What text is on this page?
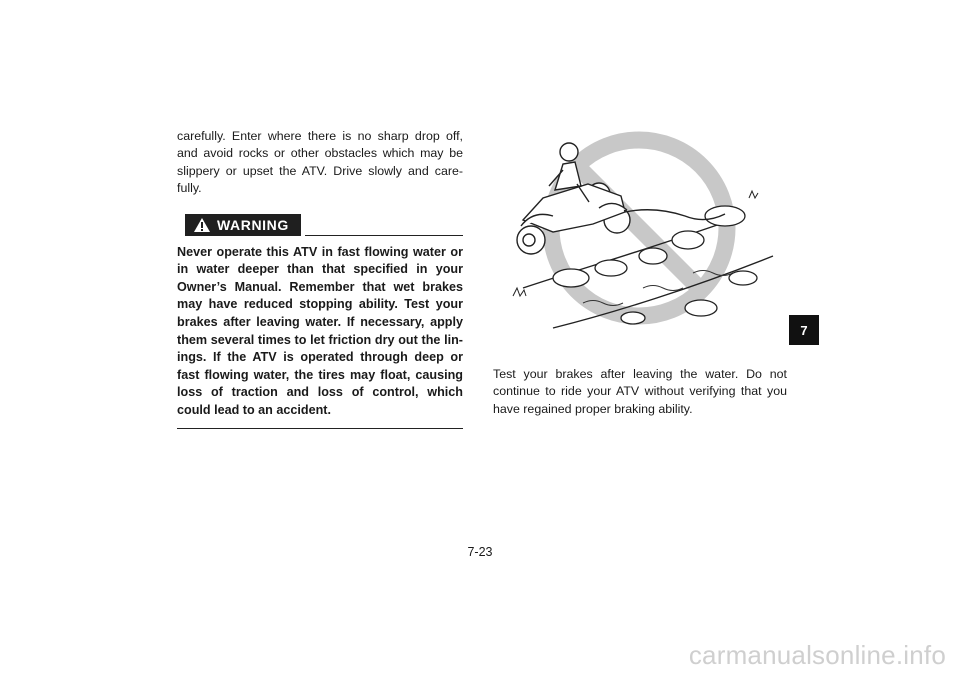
carefully. Enter where there is no sharp drop off, and avoid rocks or other obstacles which may be slippery or upset the ATV. Drive slowly and care- fully.

WARNING

Never operate this ATV in fast flowing water or in water deeper than that specified in your Owner’s Manual. Remember that wet brakes may have reduced stopping ability. Test your brakes after leaving water. If necessary, apply them several times to let friction dry out the lin- ings. If the ATV is operated through deep or fast flowing water, the tires may float, causing loss of traction and loss of control, which could lead to an accident.

Test your brakes after leaving the water. Do not continue to ride your ATV without verifying that you have regained proper braking ability.

7
7-23
carmanualsonline.info
